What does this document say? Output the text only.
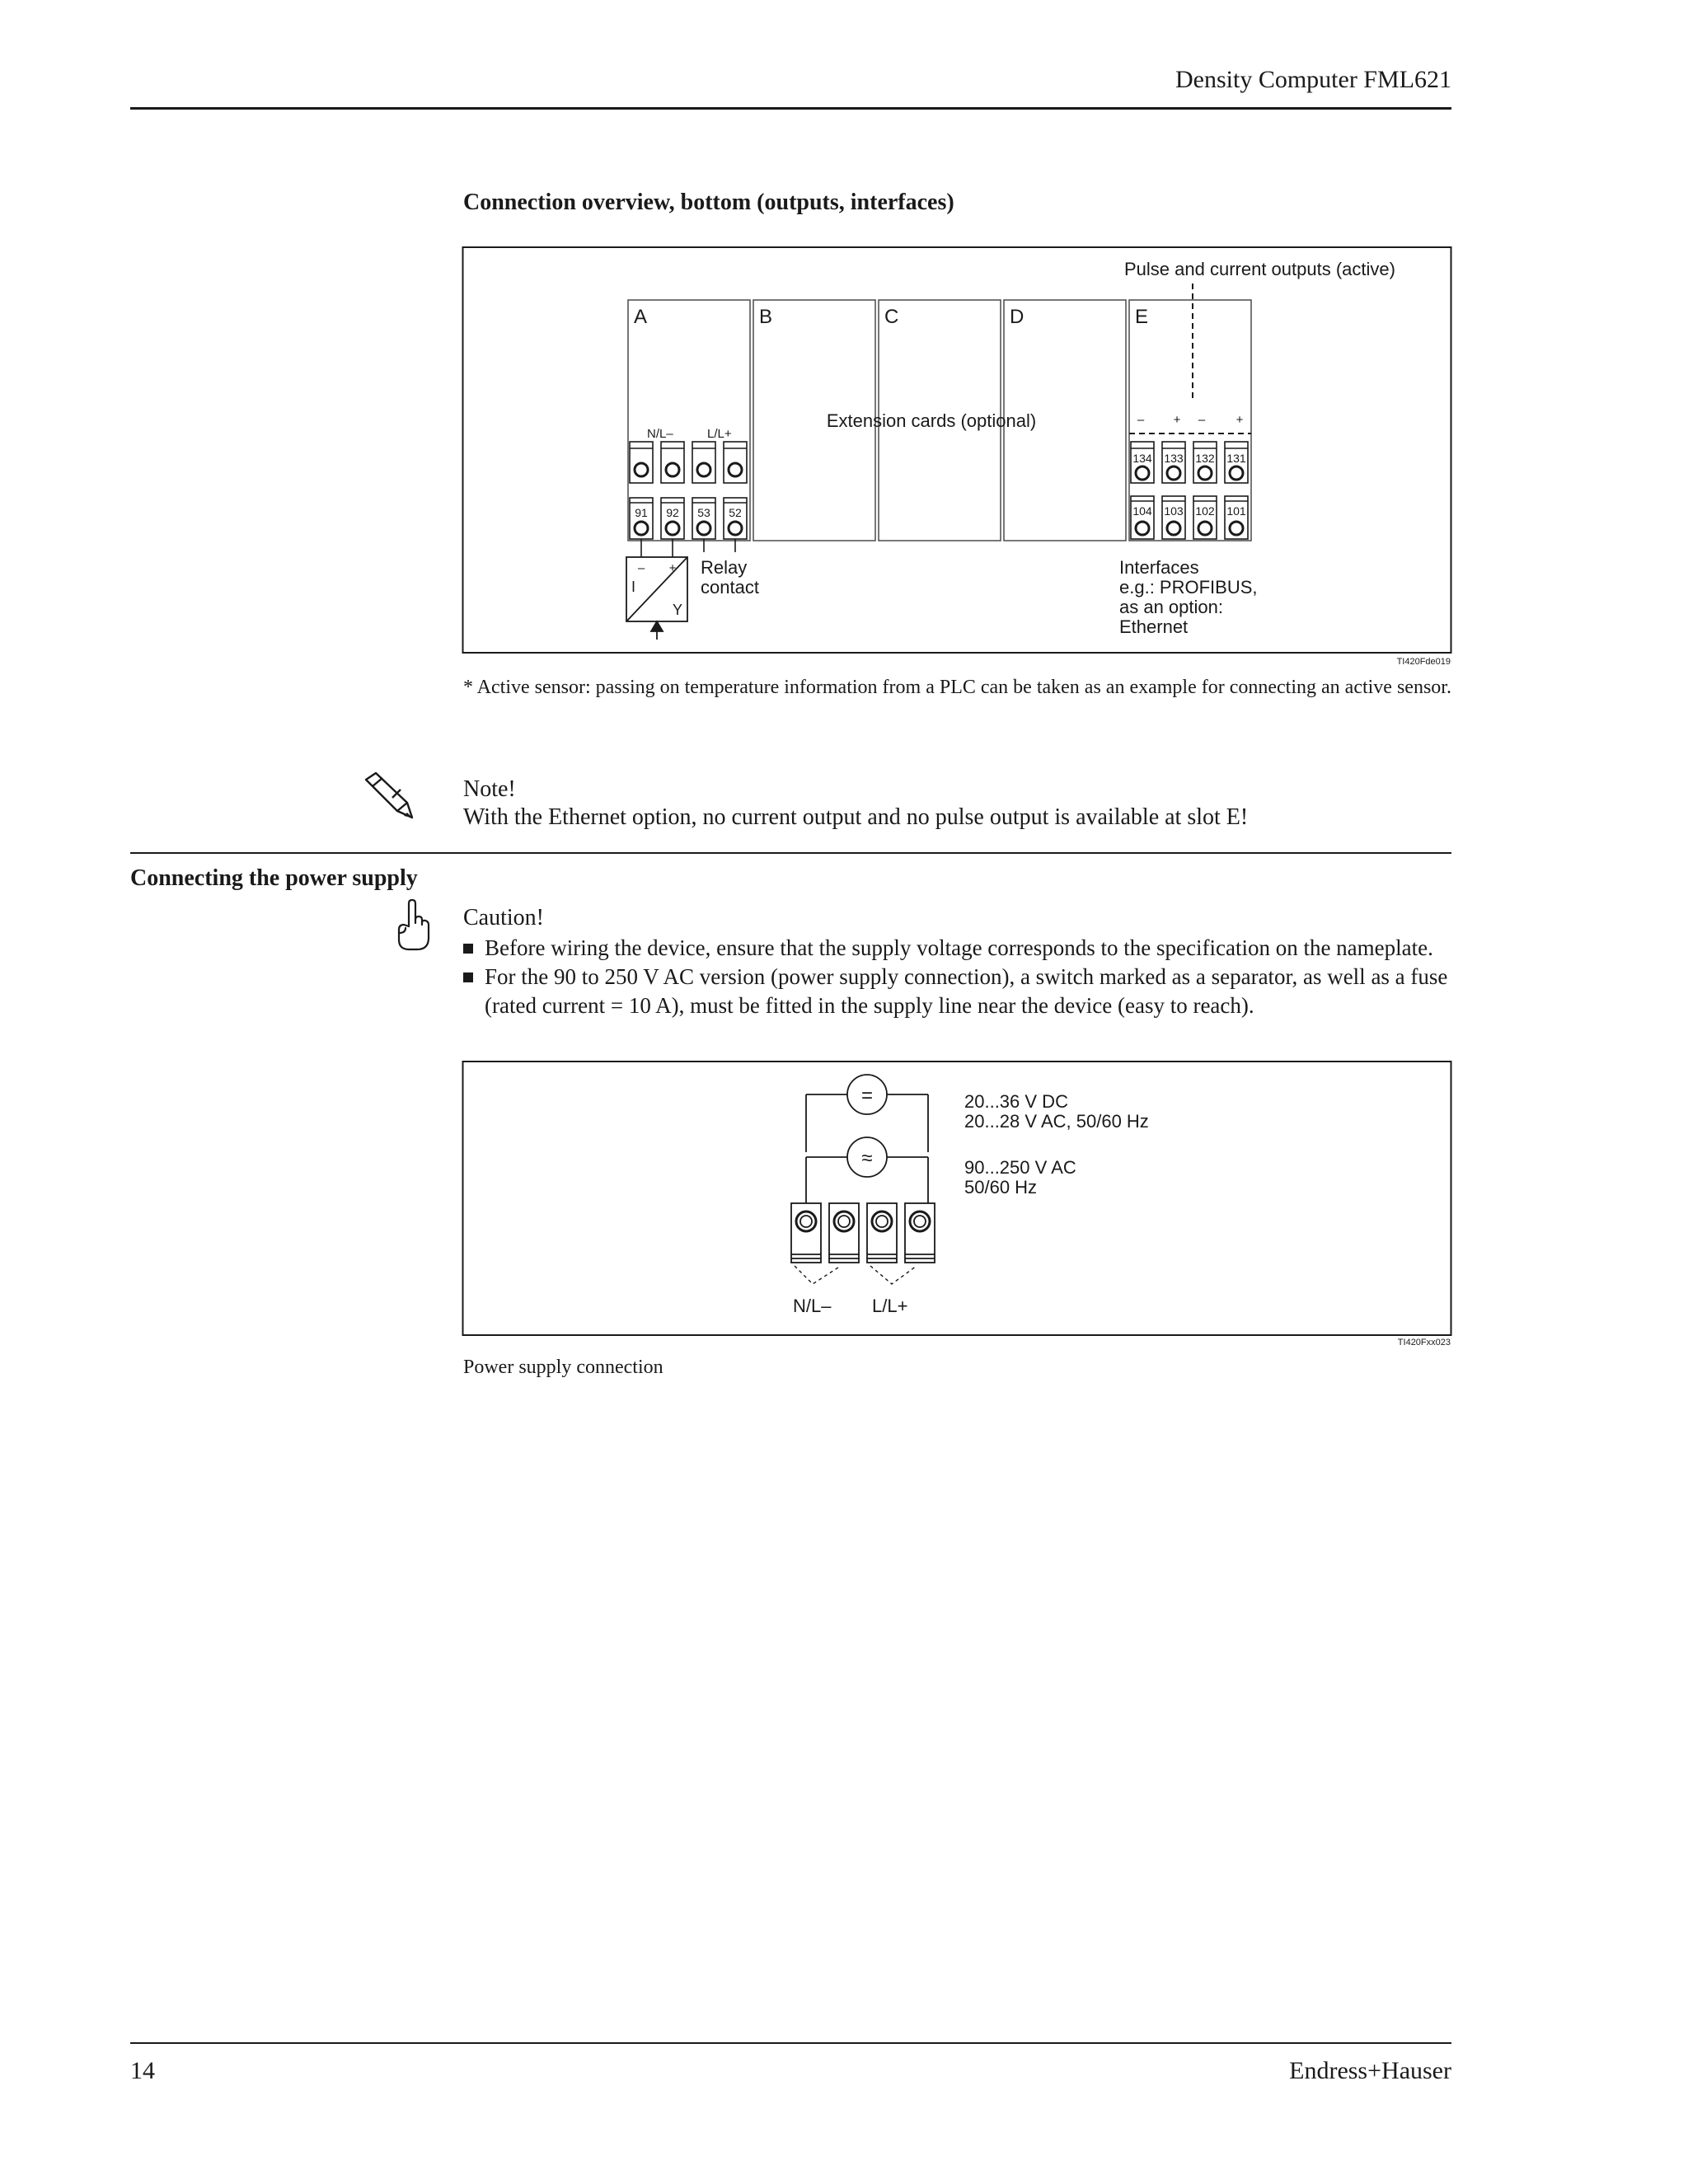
Density Computer FML621
Connection overview, bottom (outputs, interfaces)
Pulse and current outputs (active)
A	B	C	D	E
Extension cards (optional)
N/L–	L/L+
91 92 53 52
– + – +
134 133 132 131
104 103 102 101
– +
I
Y
Relay
contact
Interfaces
e.g.: PROFIBUS,
as an option:
Ethernet
TI420Fde019
* Active sensor: passing on temperature information from a PLC can be taken as an example for connecting an active sensor.
Note!
With the Ethernet option, no current output and no pulse output is available at slot E!
Connecting the power supply
Caution!
Before wiring the device, ensure that the supply voltage corresponds to the specification on the nameplate.
For the 90 to 250 V AC version (power supply connection), a switch marked as a separator, as well as a fuse
(rated current = 10 A), must be fitted in the supply line near the device (easy to reach).
=
≈
N/L– L/L+
20...36 V DC
20...28 V AC, 50/60 Hz
90...250 V AC
50/60 Hz
TI420Fxx023
Power supply connection
14	Endress+Hauser
